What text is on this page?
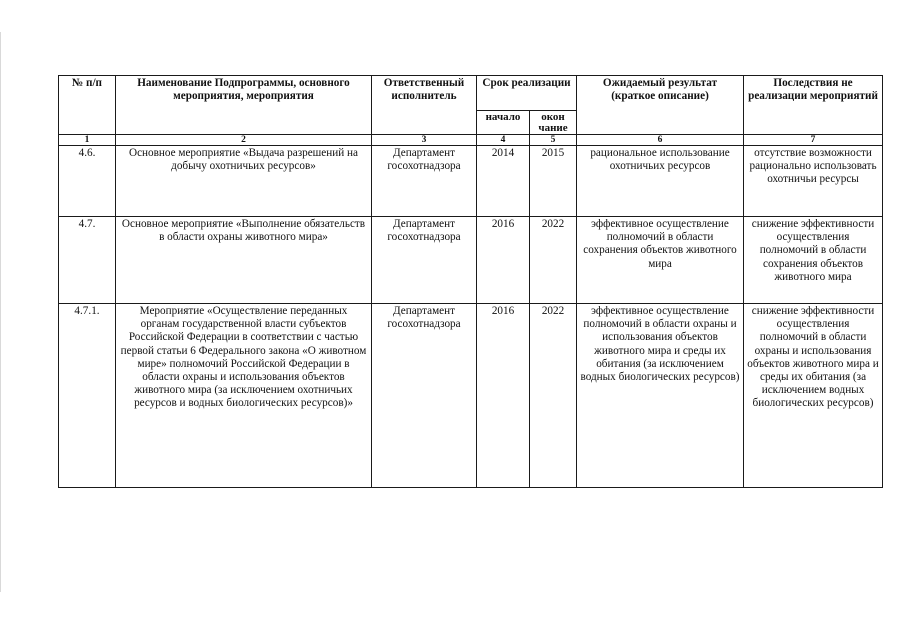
№ п/п	Наименование Подпрограммы, основного мероприятия, мероприятия	Ответственный исполнитель	Срок реализации		Ожидаемый результат (краткое описание)	Последствия не реализации мероприятий
			начало	окон чание		
1	2	3	4	5	6	7
4.6.	Основное мероприятие «Выдача разрешений на добычу охотничьих ресурсов»	Департамент госохотнадзора	2014	2015	рациональное использование охотничьих ресурсов	отсутствие возможности рационально использовать охотничьи ресурсы
4.7.	Основное мероприятие «Выполнение обязательств в области охраны животного мира»	Департамент госохотнадзора	2016	2022	эффективное осуществление полномочий в области сохранения объектов животного мира	снижение эффективности осуществления полномочий в области сохранения объектов животного мира
4.7.1.	Мероприятие «Осуществление переданных органам государственной власти субъектов Российской Федерации в соответствии с частью первой статьи 6 Федерального закона «О животном мире» полномочий Российской Федерации в области охраны и использования объектов животного мира (за исключением охотничьих ресурсов и водных биологических ресурсов)»	Департамент госохотнадзора	2016	2022	эффективное осуществление полномочий в области охраны и использования объектов животного мира и среды их обитания (за исключением водных биологических ресурсов)	снижение эффективности осуществления полномочий в области охраны и использования объектов животного мира и среды их обитания (за исключением водных биологических ресурсов)
